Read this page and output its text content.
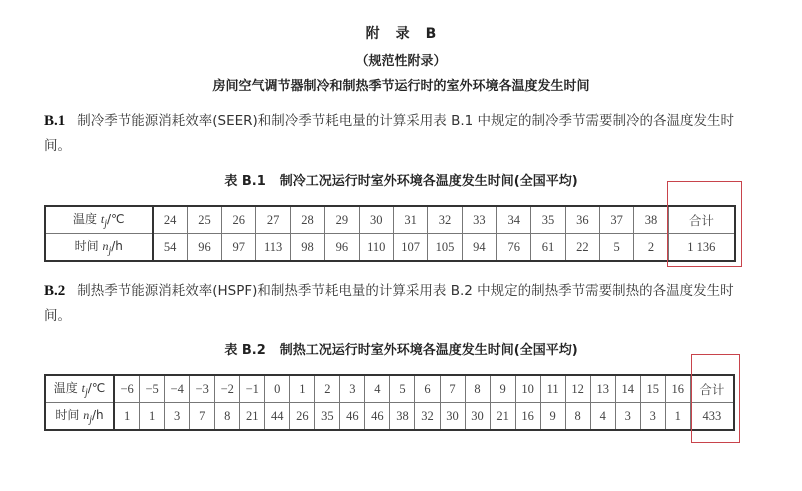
附 录 B
（规范性附录）
房间空气调节器制冷和制热季节运行时的室外环境各温度发生时间
B.1 制冷季节能源消耗效率(SEER)和制冷季节耗电量的计算采用表 B.1 中规定的制冷季节需要制冷的各温度发生时间。
表 B.1 制冷工况运行时室外环境各温度发生时间(全国平均)
温度 $t_j/℃$	24	25	26	27	28	29	30	31	32	33	34	35	36	37	38	合计
时间 $n_j/h$	54	96	97	113	98	96	110	107	105	94	76	61	22	5	2	1 136
B.2 制热季节能源消耗效率(HSPF)和制热季节耗电量的计算采用表 B.2 中规定的制热季节需要制热的各温度发生时间。
表 B.2 制热工况运行时室外环境各温度发生时间(全国平均)
温度 $t_j/℃$	−6	−5	−4	−3	−2	−1	0	1	2	3	4	5	6	7	8	9	10	11	12	13	14	15	16	合计
时间 $n_j/h$	1	1	3	7	8	21	44	26	35	46	46	38	32	30	30	21	16	9	8	4	3	3	1	433
